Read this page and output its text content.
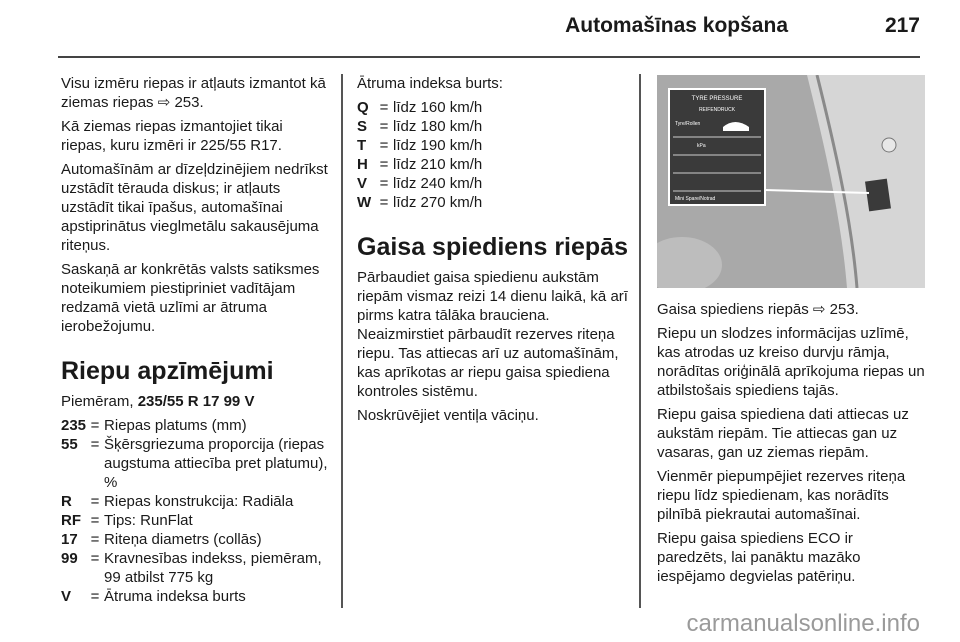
Automašīnas kopšana	217

Visu izmēru riepas ir atļauts izmantot kā ziemas riepas ⇨ 253.

Kā ziemas riepas izmantojiet tikai riepas, kuru izmēri ir 225/55 R17.

Automašīnām ar dīzeļdzinējiem nedrīkst uzstādīt tērauda diskus; ir atļauts uzstādīt tikai īpašus, automašīnai apstiprinātus vieglmetālu sakausējuma riteņus.

Saskaņā ar konkrētās valsts satiksmes noteikumiem piestipriniet vadītājam redzamā vietā uzlīmi ar ātruma ierobežojumu.

Riepu apzīmējumi

Piemēram, 235/55 R 17 99 V

235 = Riepas platums (mm)
55 = Šķērsgriezuma proporcija (riepas augstuma attiecība pret platumu), %
R	= Riepas konstrukcija: Radiāla
RF = Tips: RunFlat
17 = Riteņa diametrs (collās)
99 = Kravnesības indekss, piemēram, 99 atbilst 775 kg
V	= Ātruma indeksa burts

Ātruma indeksa burts:

Q = līdz 160 km/h
S = līdz 180 km/h
T = līdz 190 km/h
H = līdz 210 km/h
V = līdz 240 km/h
W = līdz 270 km/h
Gaisa spiediens riepās

Pārbaudiet gaisa spiedienu aukstām riepām vismaz reizi 14 dienu laikā, kā arī pirms katra tālāka brauciena. Neaizmirstiet pārbaudīt rezerves riteņa riepu. Tas attiecas arī uz automašīnām, kas aprīkotas ar riepu gaisa spiediena kontroles sistēmu.

Noskrūvējiet ventiļa vāciņu.

TYRE PRESSURE
REIFENDRUCK
Tyre/Rollen
kPa
Mini Spare/Notrad

Gaisa spiediens riepās ⇨ 253.

Riepu un slodzes informācijas uzlīmē, kas atrodas uz kreiso durvju rāmja, norādītas oriģinālā aprīkojuma riepas un atbilstošais spiediens tajās.

Riepu gaisa spiediena dati attiecas uz aukstām riepām. Tie attiecas gan uz vasaras, gan uz ziemas riepām.

Vienmēr piepumpējiet rezerves riteņa riepu līdz spiedienam, kas norādīts pilnībā piekrautai automašīnai.

Riepu gaisa spiediens ECO ir paredzēts, lai panāktu mazāko iespējamo degvielas patēriņu.

carmanualsonline.info
